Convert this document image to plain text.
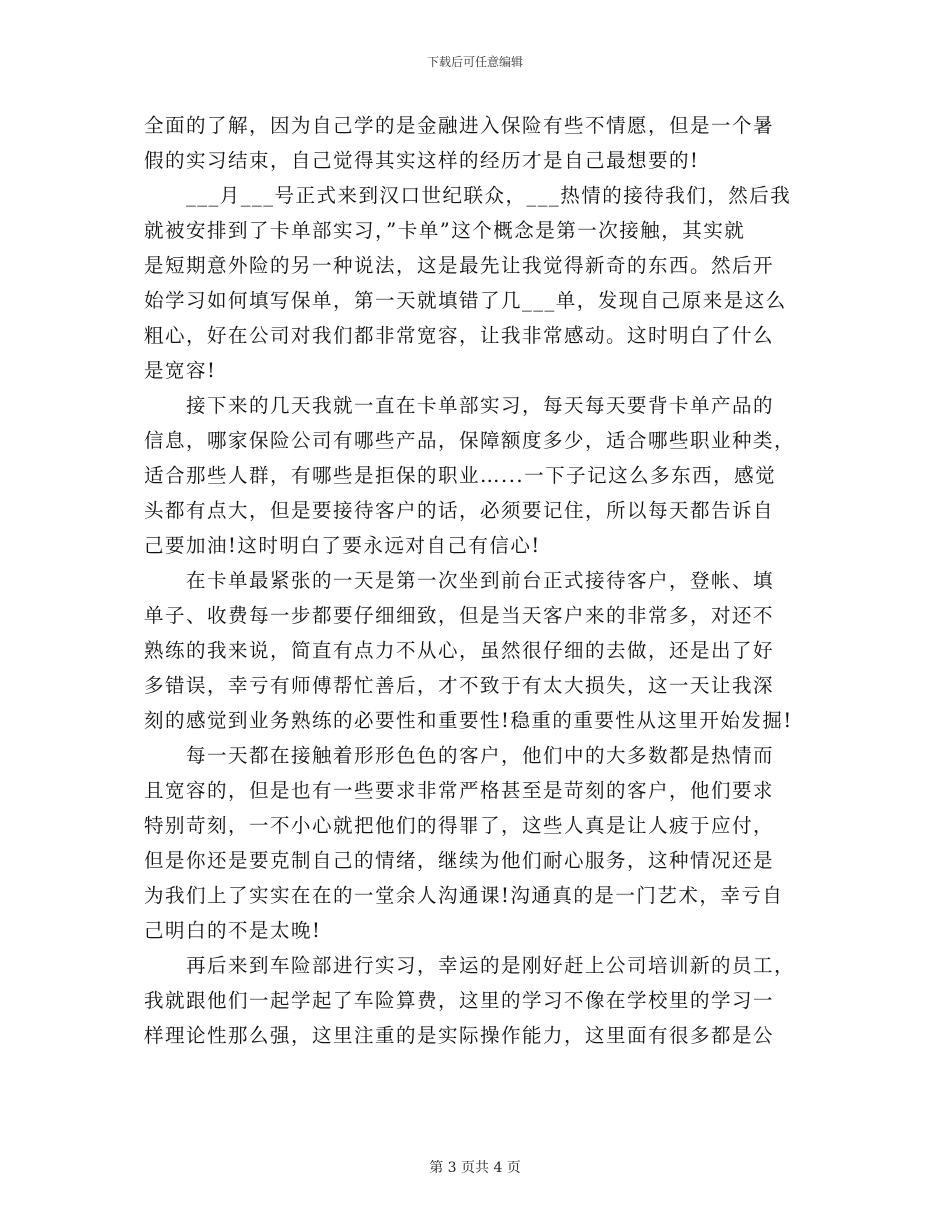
下载后可任意编辑
全面的了解，因为自己学的是金融进入保险有些不情愿，但是一个暑
假的实习结束，自己觉得其实这样的经历才是自己最想要的!
___月___号正式来到汉口世纪联众，___热情的接待我们，然后我
就被安排到了卡单部实习，”卡单”这个概念是第一次接触，其实就
是短期意外险的另一种说法，这是最先让我觉得新奇的东西。然后开
始学习如何填写保单，第一天就填错了几___单，发现自己原来是这么
粗心，好在公司对我们都非常宽容，让我非常感动。这时明白了什么
是宽容!
接下来的几天我就一直在卡单部实习，每天每天要背卡单产品的
信息，哪家保险公司有哪些产品，保障额度多少，适合哪些职业种类，
适合那些人群，有哪些是拒保的职业…...一下子记这么多东西，感觉
头都有点大，但是要接待客户的话，必须要记住，所以每天都告诉自
己要加油!这时明白了要永远对自己有信心!
在卡单最紧张的一天是第一次坐到前台正式接待客户，登帐、填
单子、收费每一步都要仔细细致，但是当天客户来的非常多，对还不
熟练的我来说，简直有点力不从心，虽然很仔细的去做，还是出了好
多错误，幸亏有师傅帮忙善后，才不致于有太大损失，这一天让我深
刻的感觉到业务熟练的必要性和重要性!稳重的重要性从这里开始发掘!
每一天都在接触着形形色色的客户，他们中的大多数都是热情而
且宽容的，但是也有一些要求非常严格甚至是苛刻的客户，他们要求
特别苛刻，一不小心就把他们的得罪了，这些人真是让人疲于应付，
但是你还是要克制自己的情绪，继续为他们耐心服务，这种情况还是
为我们上了实实在在的一堂余人沟通课!沟通真的是一门艺术，幸亏自
己明白的不是太晚!
再后来到车险部进行实习，幸运的是刚好赶上公司培训新的员工，
我就跟他们一起学起了车险算费，这里的学习不像在学校里的学习一
样理论性那么强，这里注重的是实际操作能力，这里面有很多都是公
第 3 页共 4 页
